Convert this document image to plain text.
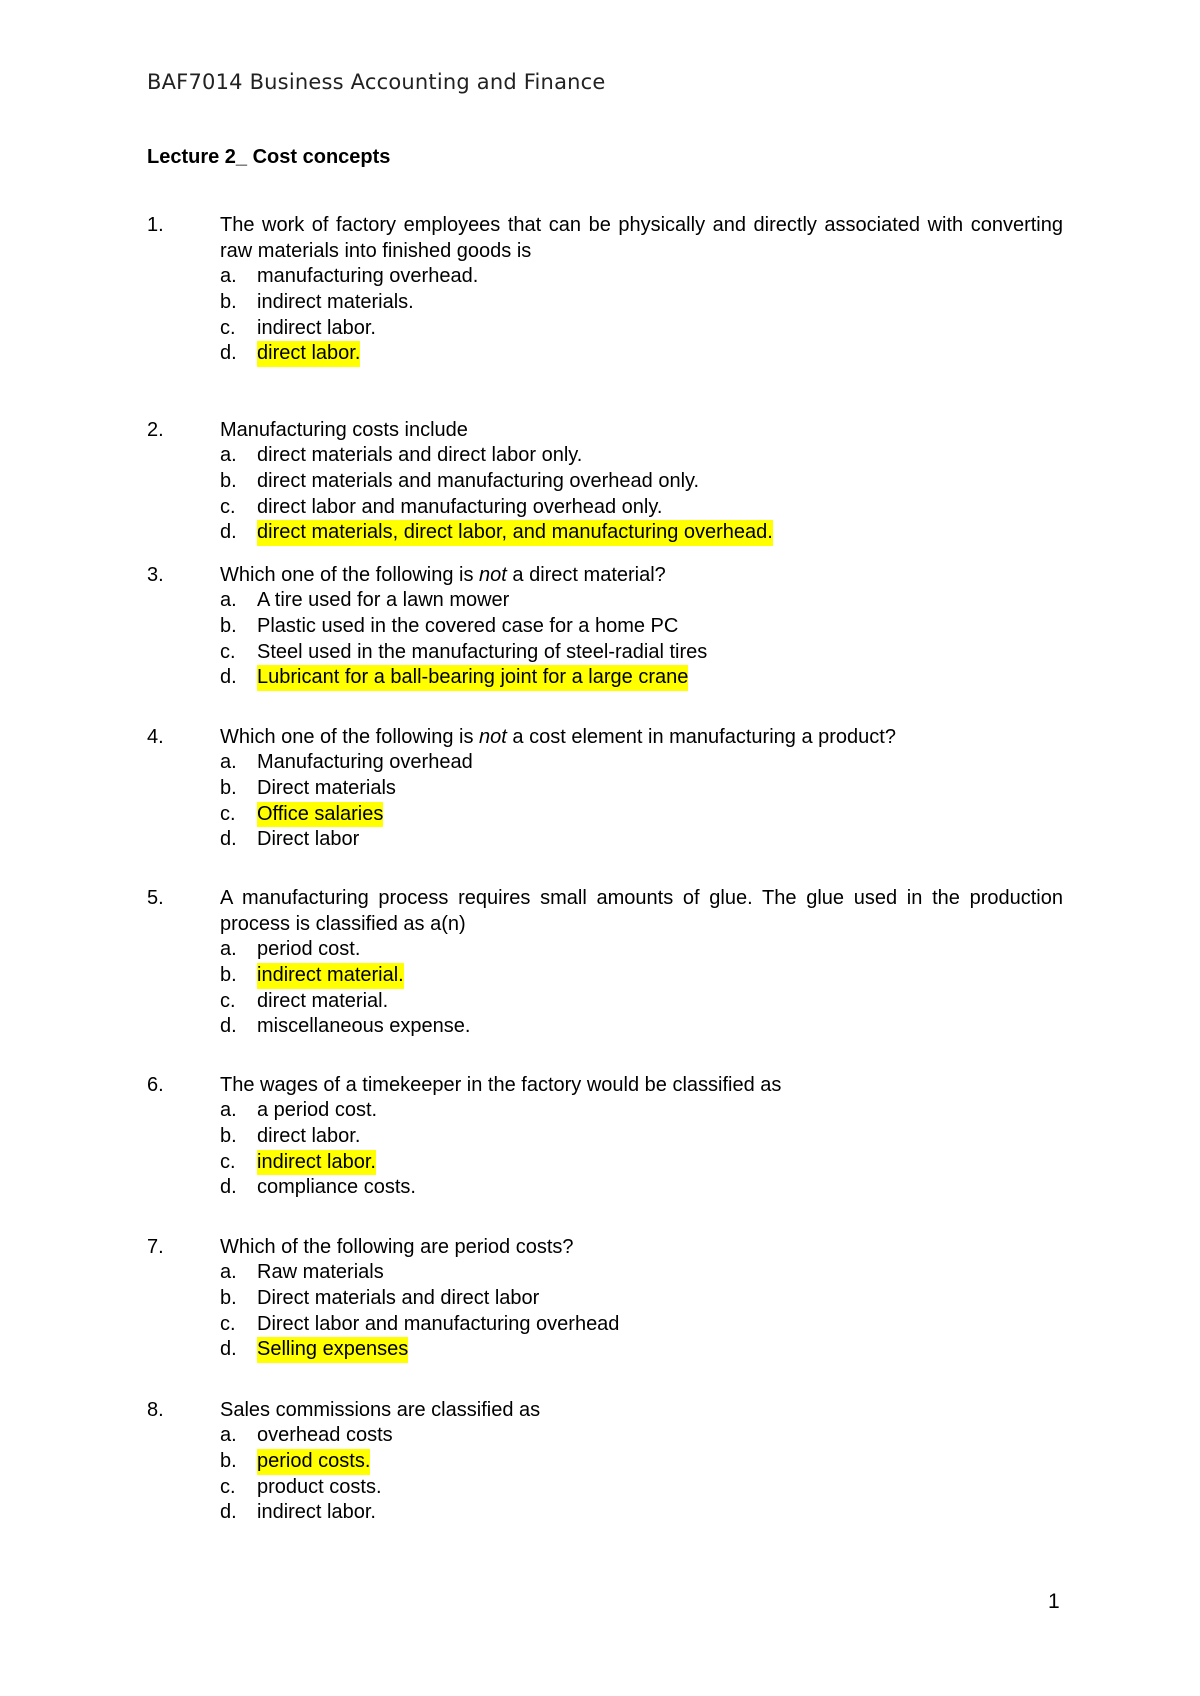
BAF7014 Business Accounting and Finance
Lecture 2_ Cost concepts
1.	The work of factory employees that can be physically and directly associated with converting raw materials into finished goods is
a.	manufacturing overhead.
b.	indirect materials.
c.	indirect labor.
d.	direct labor.
2.	Manufacturing costs include
a.	direct materials and direct labor only.
b.	direct materials and manufacturing overhead only.
c.	direct labor and manufacturing overhead only.
d.	direct materials, direct labor, and manufacturing overhead.
3.	Which one of the following is not a direct material?
a.	A tire used for a lawn mower
b.	Plastic used in the covered case for a home PC
c.	Steel used in the manufacturing of steel-radial tires
d.	Lubricant for a ball-bearing joint for a large crane
4.	Which one of the following is not a cost element in manufacturing a product?
a.	Manufacturing overhead
b.	Direct materials
c.	Office salaries
d.	Direct labor
5.	A manufacturing process requires small amounts of glue. The glue used in the production process is classified as a(n)
a.	period cost.
b.	indirect material.
c.	direct material.
d.	miscellaneous expense.
6.	The wages of a timekeeper in the factory would be classified as
a.	a period cost.
b.	direct labor.
c.	indirect labor.
d.	compliance costs.
7.	Which of the following are period costs?
a.	Raw materials
b.	Direct materials and direct labor
c.	Direct labor and manufacturing overhead
d.	Selling expenses
8.	Sales commissions are classified as
a.	overhead costs
b.	period costs.
c.	product costs.
d.	indirect labor.
1
